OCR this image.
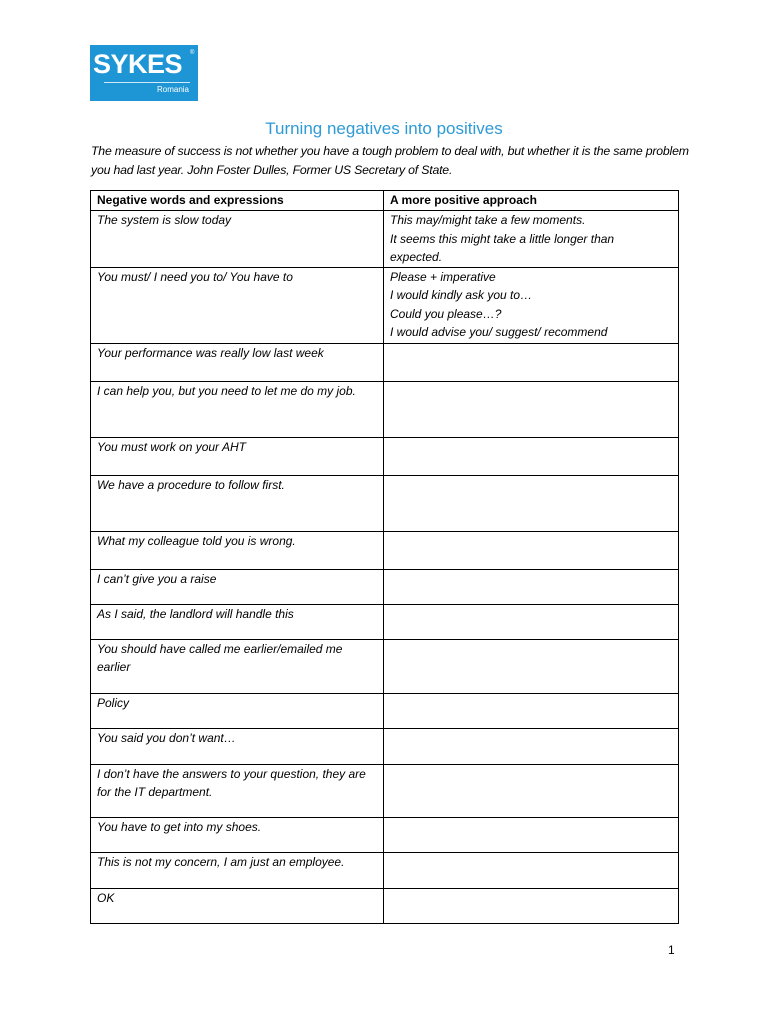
SYKES ®
Romania
Turning negatives into positives
The measure of success is not whether you have a tough problem to deal with, but whether it is the same problem you had last year. John Foster Dulles, Former US Secretary of State.
Negative words and expressions	A more positive approach
The system is slow today	This may/might take a few moments.
It seems this might take a little longer than
expected.

You must/ I need you to/ You have to	Please + imperative
I would kindly ask you to…
Could you please…?
I would advise you/ suggest/ recommend

Your performance was really low last week	
I can help you, but you need to let me do my job.	
You must work on your AHT	
We have a procedure to follow first.	
What my colleague told you is wrong.	
I can’t give you a raise	
As I said, the landlord will handle this	
You should have called me earlier/emailed me earlier	
Policy	
You said you don’t want…	
I don’t have the answers to your question, they are for the IT department.	
You have to get into my shoes.	
This is not my concern, I am just an employee.	
OK	
1
